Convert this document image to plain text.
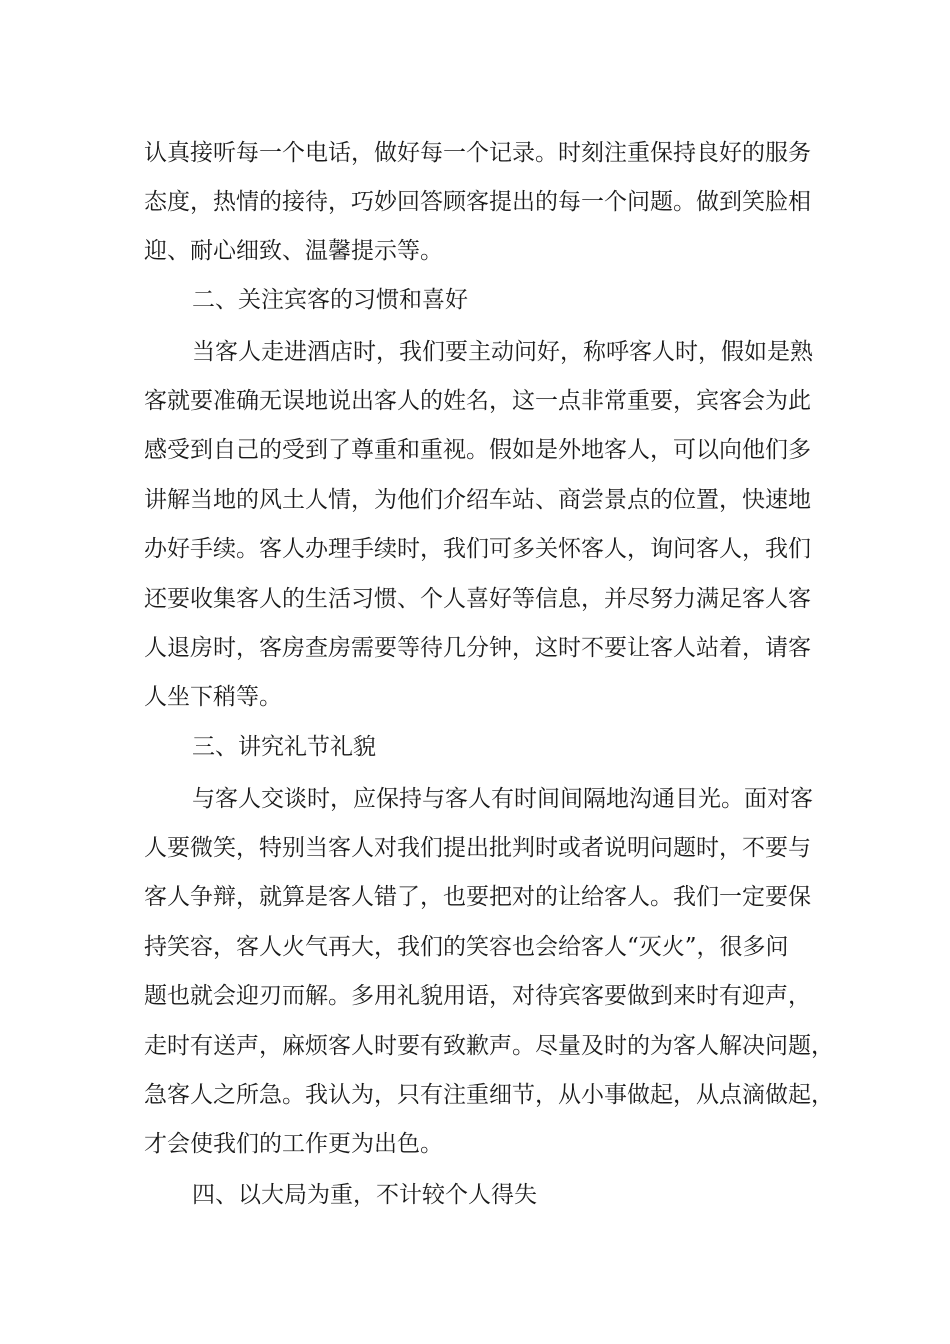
认真接听每一个电话，做好每一个记录。时刻注重保持良好的服务
态度，热情的接待，巧妙回答顾客提出的每一个问题。做到笑脸相
迎、耐心细致、温馨提示等。
二、关注宾客的习惯和喜好
当客人走进酒店时，我们要主动问好，称呼客人时，假如是熟
客就要准确无误地说出客人的姓名，这一点非常重要，宾客会为此
感受到自己的受到了尊重和重视。假如是外地客人，可以向他们多
讲解当地的风土人情，为他们介绍车站、商尝景点的位置，快速地
办好手续。客人办理手续时，我们可多关怀客人，询问客人，我们
还要收集客人的生活习惯、个人喜好等信息，并尽努力满足客人客
人退房时，客房查房需要等待几分钟，这时不要让客人站着，请客
人坐下稍等。
三、讲究礼节礼貌
与客人交谈时，应保持与客人有时间间隔地沟通目光。面对客
人要微笑，特别当客人对我们提出批判时或者说明问题时，不要与
客人争辩，就算是客人错了，也要把对的让给客人。我们一定要保
持笑容，客人火气再大，我们的笑容也会给客人“灭火”，很多问
题也就会迎刃而解。多用礼貌用语，对待宾客要做到来时有迎声，
走时有送声，麻烦客人时要有致歉声。尽量及时的为客人解决问题，
急客人之所急。我认为，只有注重细节，从小事做起，从点滴做起，
才会使我们的工作更为出色。
四、以大局为重，不计较个人得失
